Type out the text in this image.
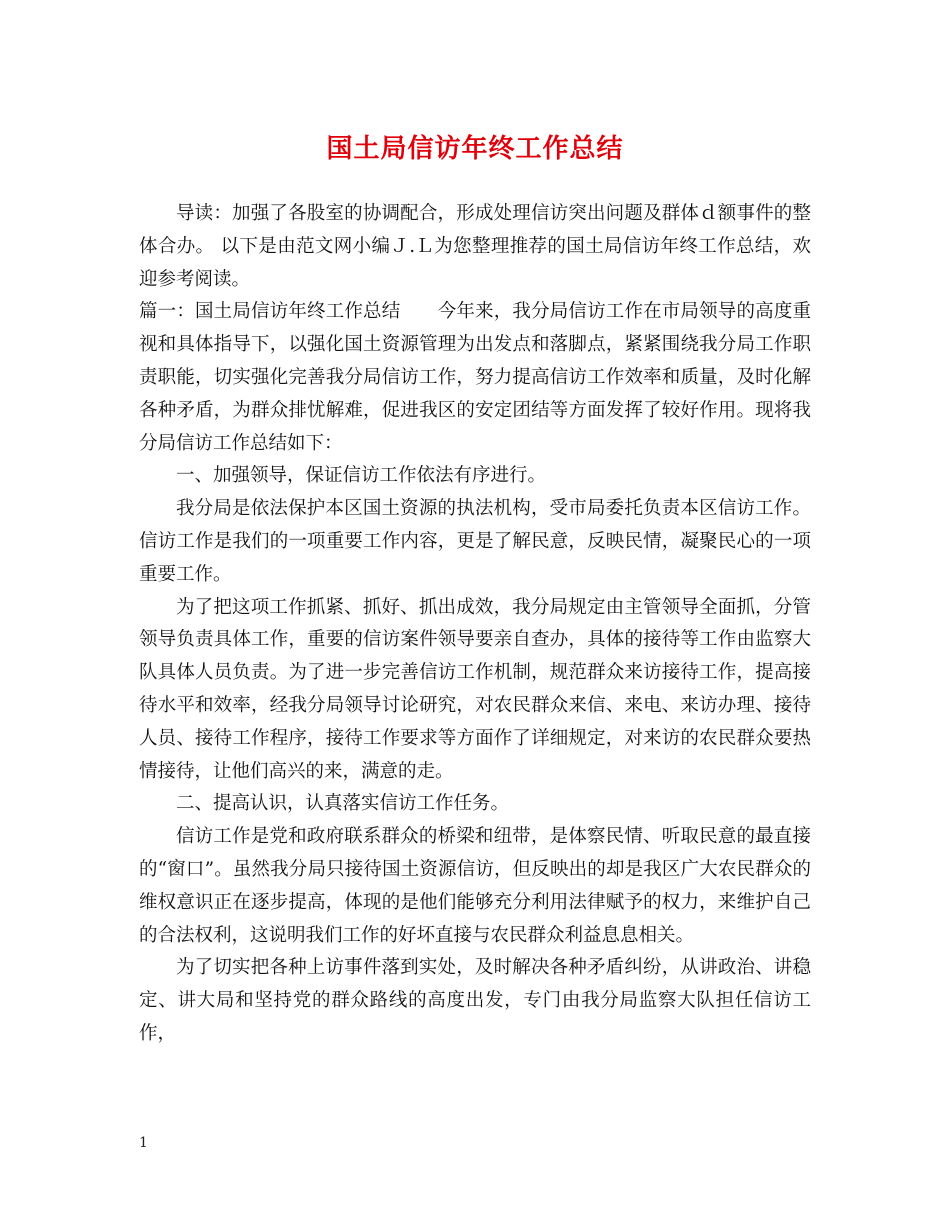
国土局信访年终工作总结

导读：加强了各股室的协调配合，形成处理信访突出问题及群体ｄ额事件的整体合办。 以下是由范文网小编Ｊ.Ｌ为您整理推荐的国土局信访年终工作总结，欢迎参考阅读。

篇一：国土局信访年终工作总结　　今年来，我分局信访工作在市局领导的高度重视和具体指导下，以强化国土资源管理为出发点和落脚点，紧紧围绕我分局工作职责职能，切实强化完善我分局信访工作，努力提高信访工作效率和质量，及时化解各种矛盾，为群众排忧解难，促进我区的安定团结等方面发挥了较好作用。现将我分局信访工作总结如下：

一、加强领导，保证信访工作依法有序进行。

我分局是依法保护本区国土资源的执法机构，受市局委托负责本区信访工作。信访工作是我们的一项重要工作内容，更是了解民意，反映民情，凝聚民心的一项重要工作。

为了把这项工作抓紧、抓好、抓出成效，我分局规定由主管领导全面抓，分管领导负责具体工作，重要的信访案件领导要亲自查办，具体的接待等工作由监察大队具体人员负责。为了进一步完善信访工作机制，规范群众来访接待工作，提高接待水平和效率，经我分局领导讨论研究，对农民群众来信、来电、来访办理、接待人员、接待工作程序，接待工作要求等方面作了详细规定，对来访的农民群众要热情接待，让他们高兴的来，满意的走。

二、提高认识，认真落实信访工作任务。

信访工作是党和政府联系群众的桥梁和纽带，是体察民情、听取民意的最直接的“窗口”。虽然我分局只接待国土资源信访，但反映出的却是我区广大农民群众的维权意识正在逐步提高，体现的是他们能够充分利用法律赋予的权力，来维护自己的合法权利，这说明我们工作的好坏直接与农民群众利益息息相关。

为了切实把各种上访事件落到实处，及时解决各种矛盾纠纷，从讲政治、讲稳定、讲大局和坚持党的群众路线的高度出发，专门由我分局监察大队担任信访工作，

1
